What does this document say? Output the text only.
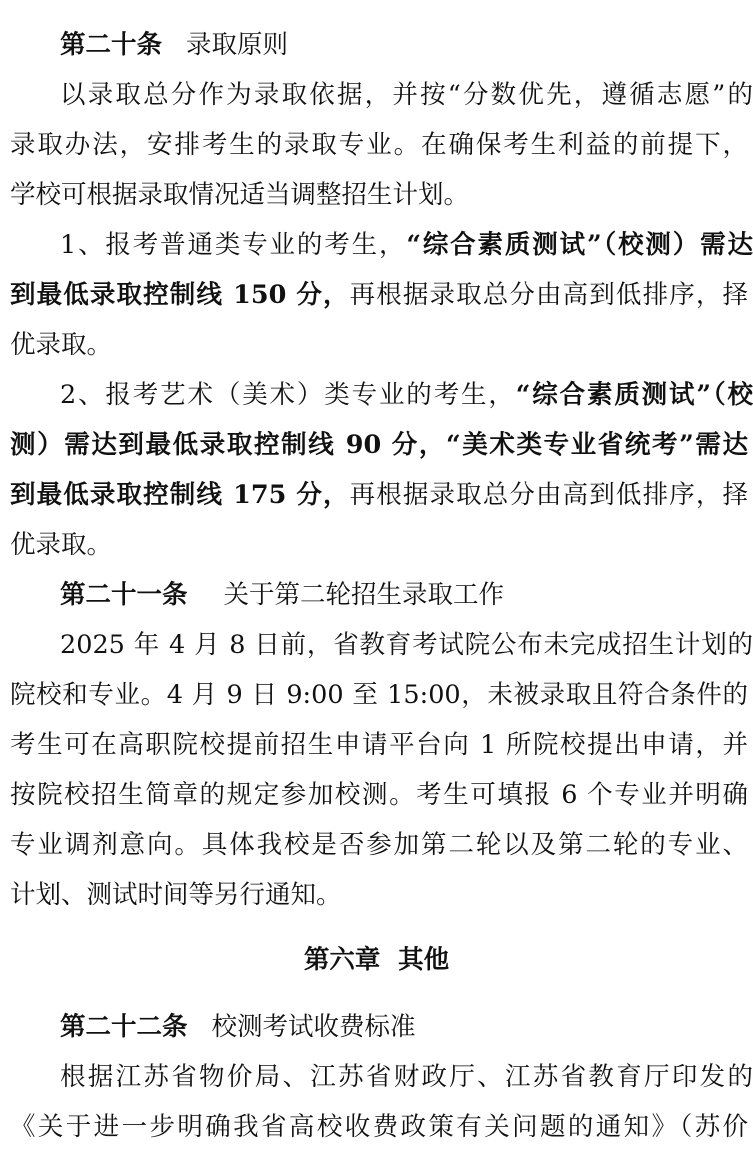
第二十条 录取原则
以录取总分作为录取依据，并按“分数优先，遵循志愿”的
录取办法，安排考生的录取专业。在确保考生利益的前提下，
学校可根据录取情况适当调整招生计划。
1、报考普通类专业的考生，“综合素质测试”（校测）需达
到最低录取控制线 150 分，再根据录取总分由高到低排序，择
优录取。
2、报考艺术（美术）类专业的考生，“综合素质测试”（校
测）需达到最低录取控制线 90 分，“美术类专业省统考”需达
到最低录取控制线 175 分，再根据录取总分由高到低排序，择
优录取。
第二十一条 关于第二轮招生录取工作
2025 年 4 月 8 日前，省教育考试院公布未完成招生计划的
院校和专业。4 月 9 日 9:00 至 15:00，未被录取且符合条件的
考生可在高职院校提前招生申请平台向 1 所院校提出申请，并
按院校招生简章的规定参加校测。考生可填报 6 个专业并明确
专业调剂意向。具体我校是否参加第二轮以及第二轮的专业、
计划、测试时间等另行通知。
第六章  其他
第二十二条 校测考试收费标准
根据江苏省物价局、江苏省财政厅、江苏省教育厅印发的
《关于进一步明确我省高校收费政策有关问题的通知》（苏价
